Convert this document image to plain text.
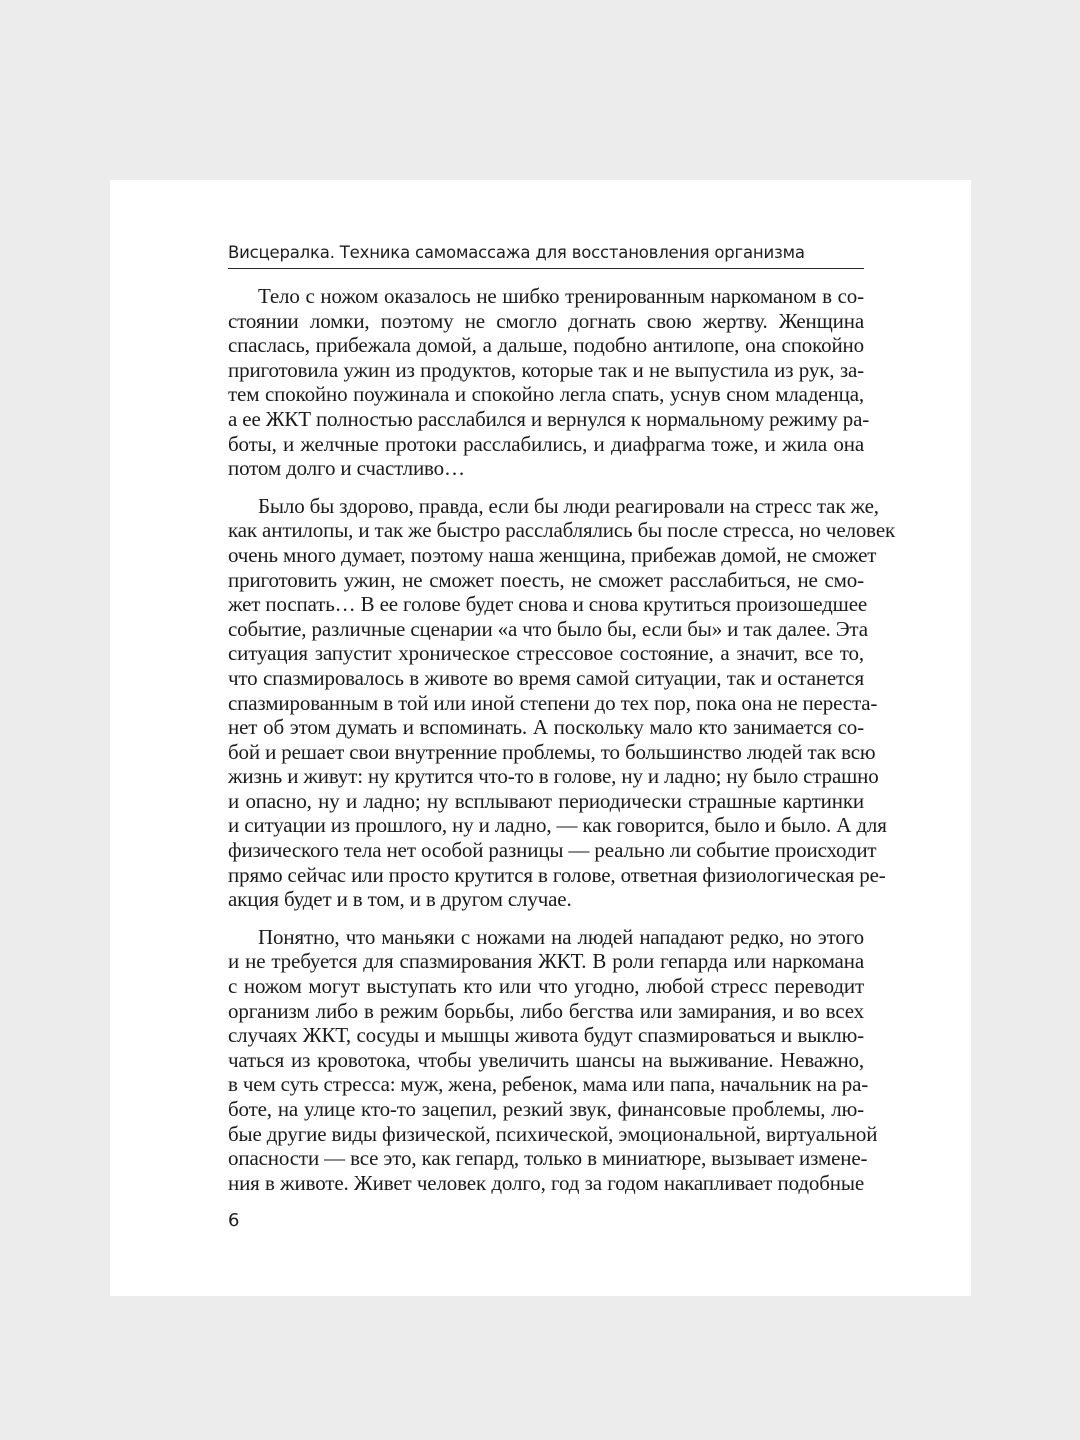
Висцералка. Техника самомассажа для восстановления организма

Тело с ножом оказалось не шибко тренированным наркоманом в со-
стоянии ломки, поэтому не смогло догнать свою жертву. Женщина
спаслась, прибежала домой, а дальше, подобно антилопе, она спокойно
приготовила ужин из продуктов, которые так и не выпустила из рук, за-
тем спокойно поужинала и спокойно легла спать, уснув сном младенца,
а ее ЖКТ полностью расслабился и вернулся к нормальному режиму ра-
боты, и желчные протоки расслабились, и диафрагма тоже, и жила она
потом долго и счастливо…

Было бы здорово, правда, если бы люди реагировали на стресс так же,
как антилопы, и так же быстро расслаблялись бы после стресса, но человек
очень много думает, поэтому наша женщина, прибежав домой, не сможет
приготовить ужин, не сможет поесть, не сможет расслабиться, не смо-
жет поспать… В ее голове будет снова и снова крутиться произошедшее
событие, различные сценарии «а что было бы, если бы» и так далее. Эта
ситуация запустит хроническое стрессовое состояние, а значит, все то,
что спазмировалось в животе во время самой ситуации, так и останется
спазмированным в той или иной степени до тех пор, пока она не переста-
нет об этом думать и вспоминать. А поскольку мало кто занимается со-
бой и решает свои внутренние проблемы, то большинство людей так всю
жизнь и живут: ну крутится что-то в голове, ну и ладно; ну было страшно
и опасно, ну и ладно; ну всплывают периодически страшные картинки
и ситуации из прошлого, ну и ладно, — как говорится, было и было. А для
физического тела нет особой разницы — реально ли событие происходит
прямо сейчас или просто крутится в голове, ответная физиологическая ре-
акция будет и в том, и в другом случае.

Понятно, что маньяки с ножами на людей нападают редко, но этого
и не требуется для спазмирования ЖКТ. В роли гепарда или наркомана
с ножом могут выступать кто или что угодно, любой стресс переводит
организм либо в режим борьбы, либо бегства или замирания, и во всех
случаях ЖКТ, сосуды и мышцы живота будут спазмироваться и выклю-
чаться из кровотока, чтобы увеличить шансы на выживание. Неважно,
в чем суть стресса: муж, жена, ребенок, мама или папа, начальник на ра-
боте, на улице кто-то зацепил, резкий звук, финансовые проблемы, лю-
бые другие виды физической, психической, эмоциональной, виртуальной
опасности — все это, как гепард, только в миниатюре, вызывает измене-
ния в животе. Живет человек долго, год за годом накапливает подобные

6
